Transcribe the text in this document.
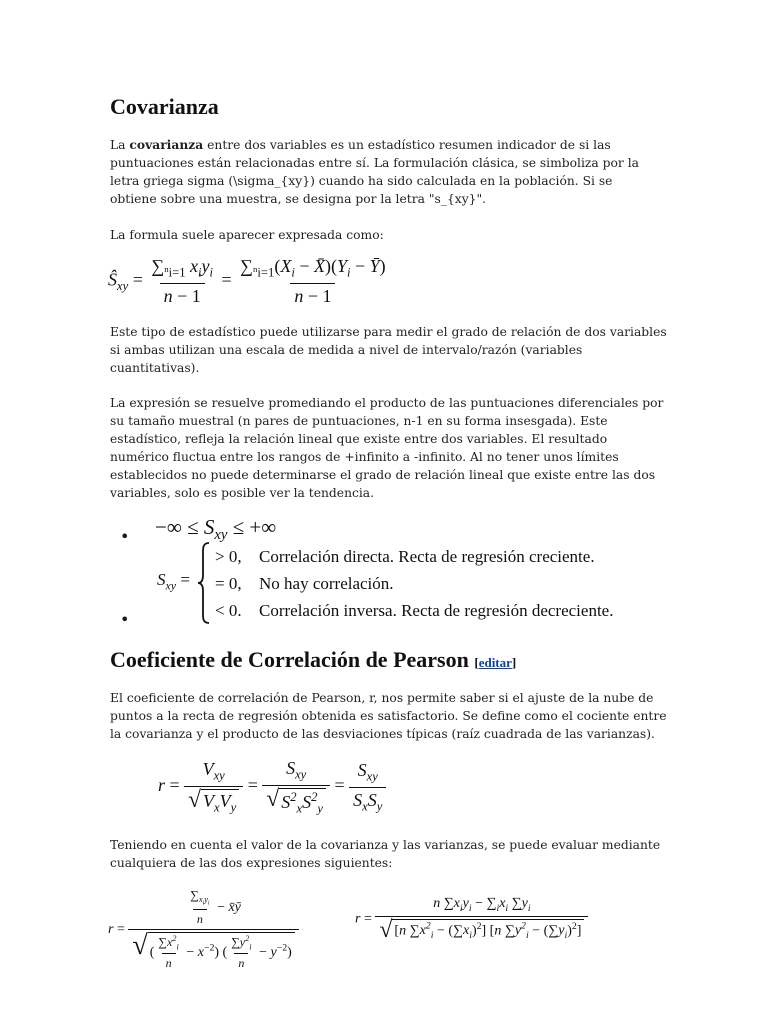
Covarianza
La covarianza entre dos variables es un estadístico resumen indicador de si las
puntuaciones están relacionadas entre sí. La formulación clásica, se simboliza por la
letra griega sigma (\sigma_{xy}) cuando ha sido calculada en la población. Si se
obtiene sobre una muestra, se designa por la letra "s_{xy}".
La formula suele aparecer expresada como:
$Ŝ_{xy} = \frac{\sum_{^ni=1} x_iy_i}{n - 1} = \frac{\sum_{^ni=1}(X_i - X̄)(Y_i - Ȳ)}{n - 1}$
Este tipo de estadístico puede utilizarse para medir el grado de relación de dos variables
si ambas utilizan una escala de medida a nivel de intervalo/razón (variables
cuantitativas).
La expresión se resuelve promediando el producto de las puntuaciones diferenciales por
su tamaño muestral (n pares de puntuaciones, n-1 en su forma insesgada). Este
estadístico, refleja la relación lineal que existe entre dos variables. El resultado
numérico fluctua entre los rangos de +infinito a -infinito. Al no tener unos límites
establecidos no puede determinarse el grado de relación lineal que existe entre las dos
variables, solo es posible ver la tendencia.
• −∞ ≤ $S_{xy}$ ≤ +∞
$S_{xy}$ =
> 0, Correlación directa. Recta de regresión creciente.
= 0, No hay correlación.
< 0. Correlación inversa. Recta de regresión decreciente.
•
Coeficiente de Correlación de Pearson [editar]
El coeficiente de correlación de Pearson, r, nos permite saber si el ajuste de la nube de
puntos a la recta de regresión obtenida es satisfactorio. Se define como el cociente entre
la covarianza y el producto de las desviaciones típicas (raíz cuadrada de las varianzas).
$r = \frac{V_{xy}}{√ V_xV_y} = \frac{S_{xy}}{√ S^2_xS^2_y} = \frac{S_{xy}}{S_xS_y}$
Teniendo en cuenta el valor de la covarianza y las varianzas, se puede evaluar mediante
cualquiera de las dos expresiones siguientes:
$r = \frac{\frac{\sum_{x_iy_i}}{n} - x̄ȳ}{√ ( \frac{\sum x^2_i}{n} - x^{-2}) ( \frac{\sum y^2_i}{n} - y^{-2})}$	$r = \frac{n \sum x_iy_i - \sum_ix_i \sum y_i}{√ [n \sum x^2_i - (\sum x_i)^2] [n \sum y^2_i - (\sum y_i)^2]}$
